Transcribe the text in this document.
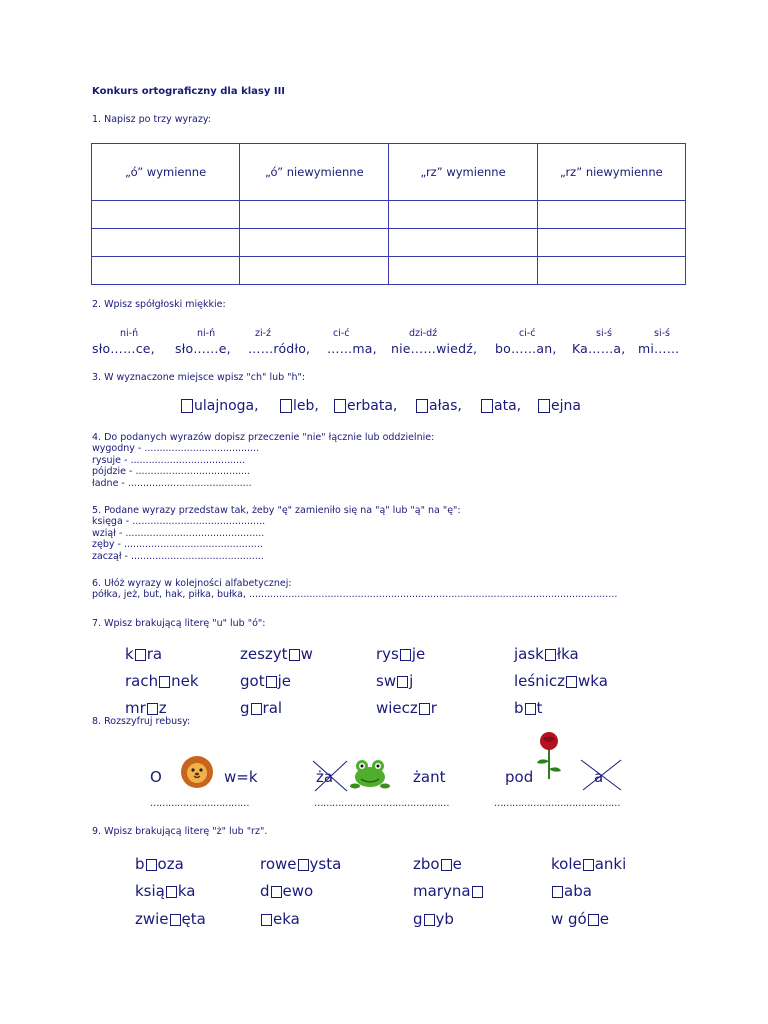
Konkurs ortograficzny dla klasy III
1. Napisz po trzy wyrazy:
„ó” wymienne	„ó” niewymienne	„rz” wymienne	„rz” niewymienne

2. Wpisz spółgłoski miękkie:
ni-ń	ni-ń	zi-ź	ci-ć	dzi-dź	ci-ć	si-ś	si-ś
sło……ce, sło……e, ……ródło, ……ma, nie……wiedź, bo……an, Ka……a, mi……
3. W wyznaczone miejsce wpisz "ch" lub "h":
ulajnoga,	leb,	erbata,	ałas,	ata,	ejna
4. Do podanych wyrazów dopisz przeczenie "nie" łącznie lub oddzielnie:
wygodny - ......................................
rysuje - ......................................
pójdzie - ......................................
ładne - .........................................
5. Podane wyrazy przedstaw tak, żeby "ę" zamieniło się na "ą" lub "ą" na "ę":
księga - ............................................
wziął - ..............................................
zęby - ..............................................
zaczął - ............................................
6. Ułóż wyrazy w kolejności alfabetycznej:
półka, jeż, but, hak, piłka, bułka, ..........................................................................................................................
7. Wpisz brakującą literę "u" lub "ó":
k ra	zeszyt w	rys je	jask łka
rach nek	got je	sw j	leśnicz wka
mr z	g ral	wiecz r	b t
8. Rozszyfruj rebusy:
O	w=k	ża	żant	pod	a
……………………………	………………………………………	……………………………………
9. Wpisz brakującą literę "ż" lub "rz".
b oza	rowe ysta	zbo e	kole anki
ksią ka	d ewo	maryna	aba
zwie ęta	eka	g yb	w gó e
